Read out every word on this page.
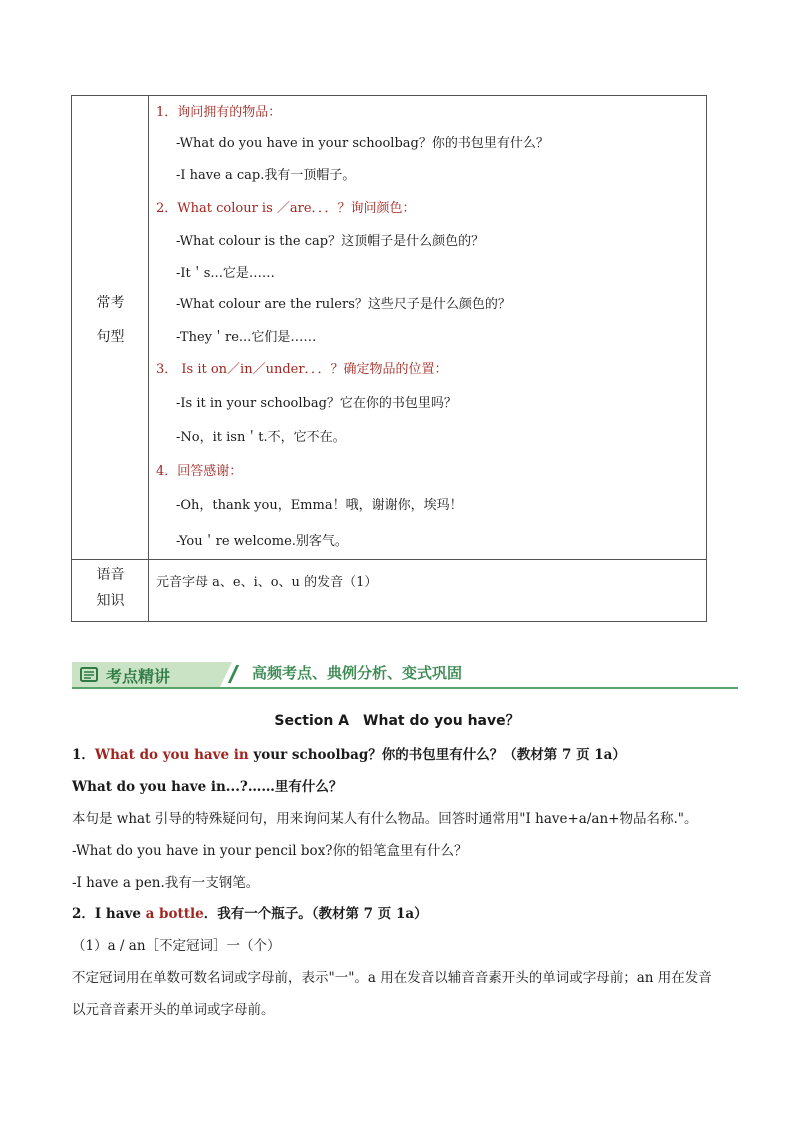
常考
句型
1．询问拥有的物品：
-What do you have in your schoolbag？你的书包里有什么？
-I have a cap.我有一顶帽子。
2．What colour is ／are．．．？询问颜色：
-What colour is the cap？这顶帽子是什么颜色的？
-It＇s...它是……
-What colour are the rulers？这些尺子是什么颜色的？
-They＇re...它们是……
3． Is it on／in／under．．．？确定物品的位置：
-Is it in your schoolbag？它在你的书包里吗？
-No，it isn＇t.不，它不在。
4．回答感谢：
-Oh，thank you，Emma！哦，谢谢你，埃玛！
-You＇re welcome.别客气。
语音
知识
元音字母 a、e、i、o、u 的发音（1）
考点精讲	高频考点、典例分析、变式巩固
Section A　What do you have？
1．What do you have in your schoolbag？你的书包里有什么？（教材第 7 页 1a）
What do you have in...?……里有什么？
本句是 what 引导的特殊疑问句，用来询问某人有什么物品。回答时通常用"I have+a/an+物品名称."。
-What do you have in your pencil box?你的铅笔盒里有什么？
-I have a pen.我有一支钢笔。
2．I have a bottle．我有一个瓶子。（教材第 7 页 1a）
（1）a / an［不定冠词］一（个）
不定冠词用在单数可数名词或字母前，表示"一"。a 用在发音以辅音音素开头的单词或字母前；an 用在发音
以元音音素开头的单词或字母前。
